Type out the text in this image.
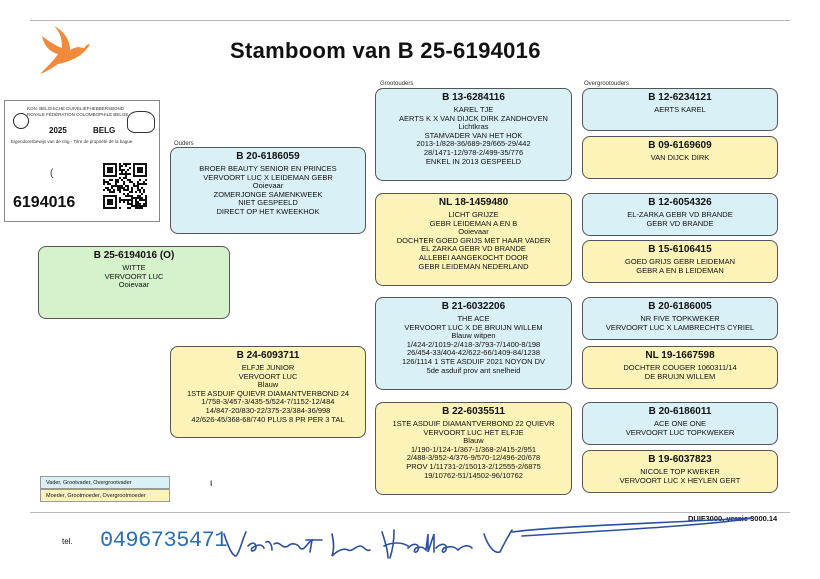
Stamboom van B 25-6194016
KON. BELGISCHE DUIVELIEFHEBBERSBOND
ROYALE FÉDÉRATION COLOMBOPHILE BELGE
2025	BELG
Eigendomsbewijs van de ring - Titre de propriété de la bague
6194016
(
Ouders
Grootouders	Overgrootouders
B 25-6194016 (O)
WITTE
VERVOORT LUC
Ooievaar
B 20-6186059
BROER BEAUTY SENIOR EN PRINCES
VERVOORT LUC X LEIDEMAN GEBR
Ooievaar
ZOMERJONGE SAMENKWEEK
NIET GESPEELD
DIRECT OP HET KWEEKHOK
B 24-6093711
ELFJE JUNIOR
VERVOORT LUC
Blauw
1STE ASDUIF QUIEVR DIAMANTVERBOND 24
1/758-3/457-3/435-5/524-7/1152-12/484
14/847-20/830-22/375-23/384-36/998
42/626-45/368-68/740 PLUS 8 PR PER 3 TAL
B 13-6284116
KAREL TJE
AERTS K X VAN DIJCK DIRK ZANDHOVEN
Lichtkras
STAMVADER VAN HET HOK
2013-1/828-36/689-29/665-29/442
28/1471-12/978-2/499-35/776
ENKEL IN 2013 GESPEELD
NL 18-1459480
LICHT GRIJZE
GEBR LEIDEMAN A EN B
Ooievaar
DOCHTER GOED GRIJS MET HAAR VADER
EL ZARKA GEBR VD BRANDE
ALLEBEI AANGEKOCHT DOOR
GEBR LEIDEMAN NEDERLAND
B 21-6032206
THE ACE
VERVOORT LUC X DE BRUIJN WILLEM
Blauw witpen
1/424-2/1019-2/418-3/793-7/1400-8/198
26/454-33/404-42/622-66/1409-84/1238
126/1114 1 STE ASDUIF 2021 NOYON DV
5de asduif prov ant snelheid
B 22-6035511
1STE ASDUIF DIAMANTVERBOND 22 QUIEVR
VERVOORT LUC HET ELFJE
Blauw
1/190-1/124-1/367-1/368-2/415-2/951
2/488-3/952-4/376-9/570-12/496-20/678
PROV 1/11731-2/15013-2/12555-2/6875
19/10762-51/14502-96/10762
B 12-6234121
AERTS KAREL
B 09-6169609
VAN DIJCK DIRK
B 12-6054326
EL-ZARKA GEBR VD BRANDE
GEBR VD BRANDE
B 15-6106415
GOED GRIJS GEBR LEIDEMAN
GEBR A EN B LEIDEMAN
B 20-6186005
NR FIVE TOPKWEKER
VERVOORT LUC X LAMBRECHTS CYRIEL
NL 19-1667598
DOCHTER COUGER 1060311/14
DE BRUIJN WILLEM
B 20-6186011
ACE ONE ONE
VERVOORT LUC TOPKWEKER
B 19-6037823
NICOLE TOP KWEKER
VERVOORT LUC X HEYLEN GERT
Vader, Grootvader, Overgrootvader
Moeder, Grootmoeder, Overgrootmoeder
ι
DUIF3000, versie 3000.14
tel. 0496735471
